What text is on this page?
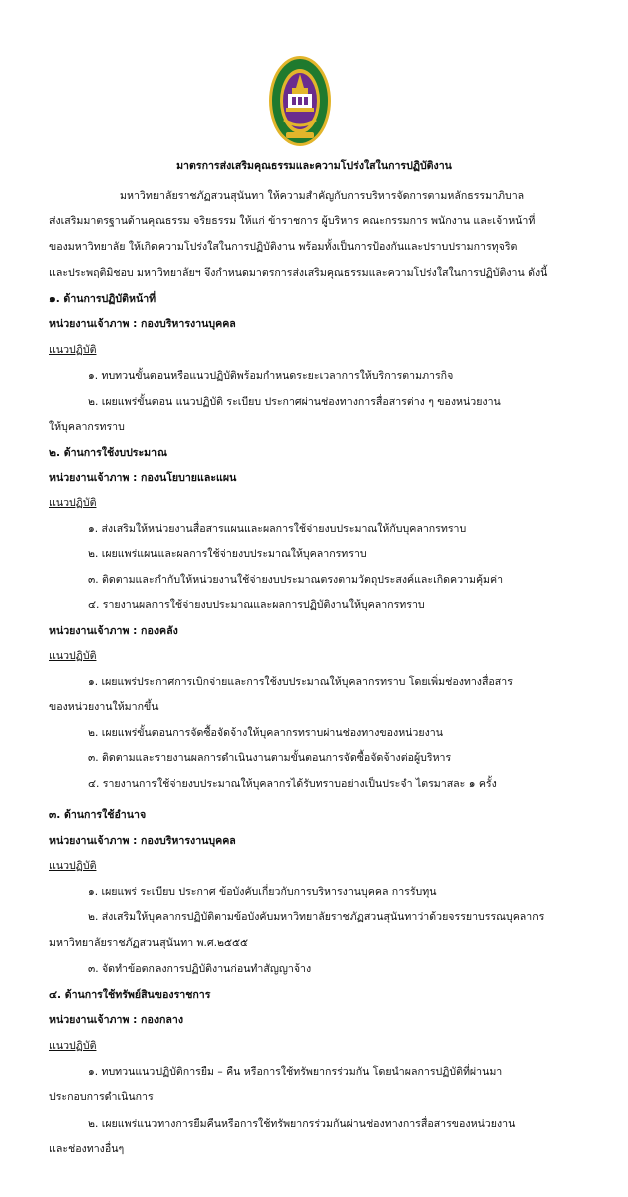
มาตรการส่งเสริมคุณธรรมและความโปร่งใสในการปฏิบัติงาน
มหาวิทยาลัยราชภัฏสวนสุนันทา ให้ความสำคัญกับการบริหารจัดการตามหลักธรรมาภิบาล
ส่งเสริมมาตรฐานด้านคุณธรรม จริยธรรม ให้แก่ ข้าราชการ ผู้บริหาร คณะกรรมการ พนักงาน และเจ้าหน้าที่
ของมหาวิทยาลัย ให้เกิดความโปร่งใสในการปฏิบัติงาน พร้อมทั้งเป็นการป้องกันและปราบปรามการทุจริต
และประพฤติมิชอบ มหาวิทยาลัยฯ จึงกำหนดมาตรการส่งเสริมคุณธรรมและความโปร่งใสในการปฏิบัติงาน ดังนี้
๑. ด้านการปฏิบัติหน้าที่
หน่วยงานเจ้าภาพ : กองบริหารงานบุคคล
แนวปฏิบัติ
๑. ทบทวนขั้นตอนหรือแนวปฏิบัติพร้อมกำหนดระยะเวลาการให้บริการตามภารกิจ
๒. เผยแพร่ขั้นตอน แนวปฏิบัติ ระเบียบ ประกาศผ่านช่องทางการสื่อสารต่าง ๆ ของหน่วยงาน
ให้บุคลากรทราบ
๒. ด้านการใช้งบประมาณ
หน่วยงานเจ้าภาพ : กองนโยบายและแผน
แนวปฏิบัติ
๑. ส่งเสริมให้หน่วยงานสื่อสารแผนและผลการใช้จ่ายงบประมาณให้กับบุคลากรทราบ
๒. เผยแพร่แผนและผลการใช้จ่ายงบประมาณให้บุคลากรทราบ
๓. ติดตามและกำกับให้หน่วยงานใช้จ่ายงบประมาณตรงตามวัตถุประสงค์และเกิดความคุ้มค่า
๔. รายงานผลการใช้จ่ายงบประมาณและผลการปฏิบัติงานให้บุคลากรทราบ
หน่วยงานเจ้าภาพ : กองคลัง
แนวปฏิบัติ
๑. เผยแพร่ประกาศการเบิกจ่ายและการใช้งบประมาณให้บุคลากรทราบ โดยเพิ่มช่องทางสื่อสาร
ของหน่วยงานให้มากขึ้น
๒. เผยแพร่ขั้นตอนการจัดซื้อจัดจ้างให้บุคลากรทราบผ่านช่องทางของหน่วยงาน
๓. ติดตามและรายงานผลการดำเนินงานตามขั้นตอนการจัดซื้อจัดจ้างต่อผู้บริหาร
๔. รายงานการใช้จ่ายงบประมาณให้บุคลากรได้รับทราบอย่างเป็นประจำ ไตรมาสละ ๑ ครั้ง
๓. ด้านการใช้อำนาจ
หน่วยงานเจ้าภาพ : กองบริหารงานบุคคล
แนวปฏิบัติ
๑. เผยแพร่ ระเบียบ ประกาศ ข้อบังคับเกี่ยวกับการบริหารงานบุคคล การรับทุน
๒. ส่งเสริมให้บุคลากรปฏิบัติตามข้อบังคับมหาวิทยาลัยราชภัฏสวนสุนันทาว่าด้วยจรรยาบรรณบุคลากร
มหาวิทยาลัยราชภัฏสวนสุนันทา พ.ศ.๒๕๕๕
๓. จัดทำข้อตกลงการปฏิบัติงานก่อนทำสัญญาจ้าง
๔. ด้านการใช้ทรัพย์สินของราชการ
หน่วยงานเจ้าภาพ : กองกลาง
แนวปฏิบัติ
๑. ทบทวนแนวปฏิบัติการยืม – คืน หรือการใช้ทรัพยากรร่วมกัน โดยนำผลการปฏิบัติที่ผ่านมา
ประกอบการดำเนินการ
๒. เผยแพร่แนวทางการยืมคืนหรือการใช้ทรัพยากรร่วมกันผ่านช่องทางการสื่อสารของหน่วยงาน
และช่องทางอื่นๆ
